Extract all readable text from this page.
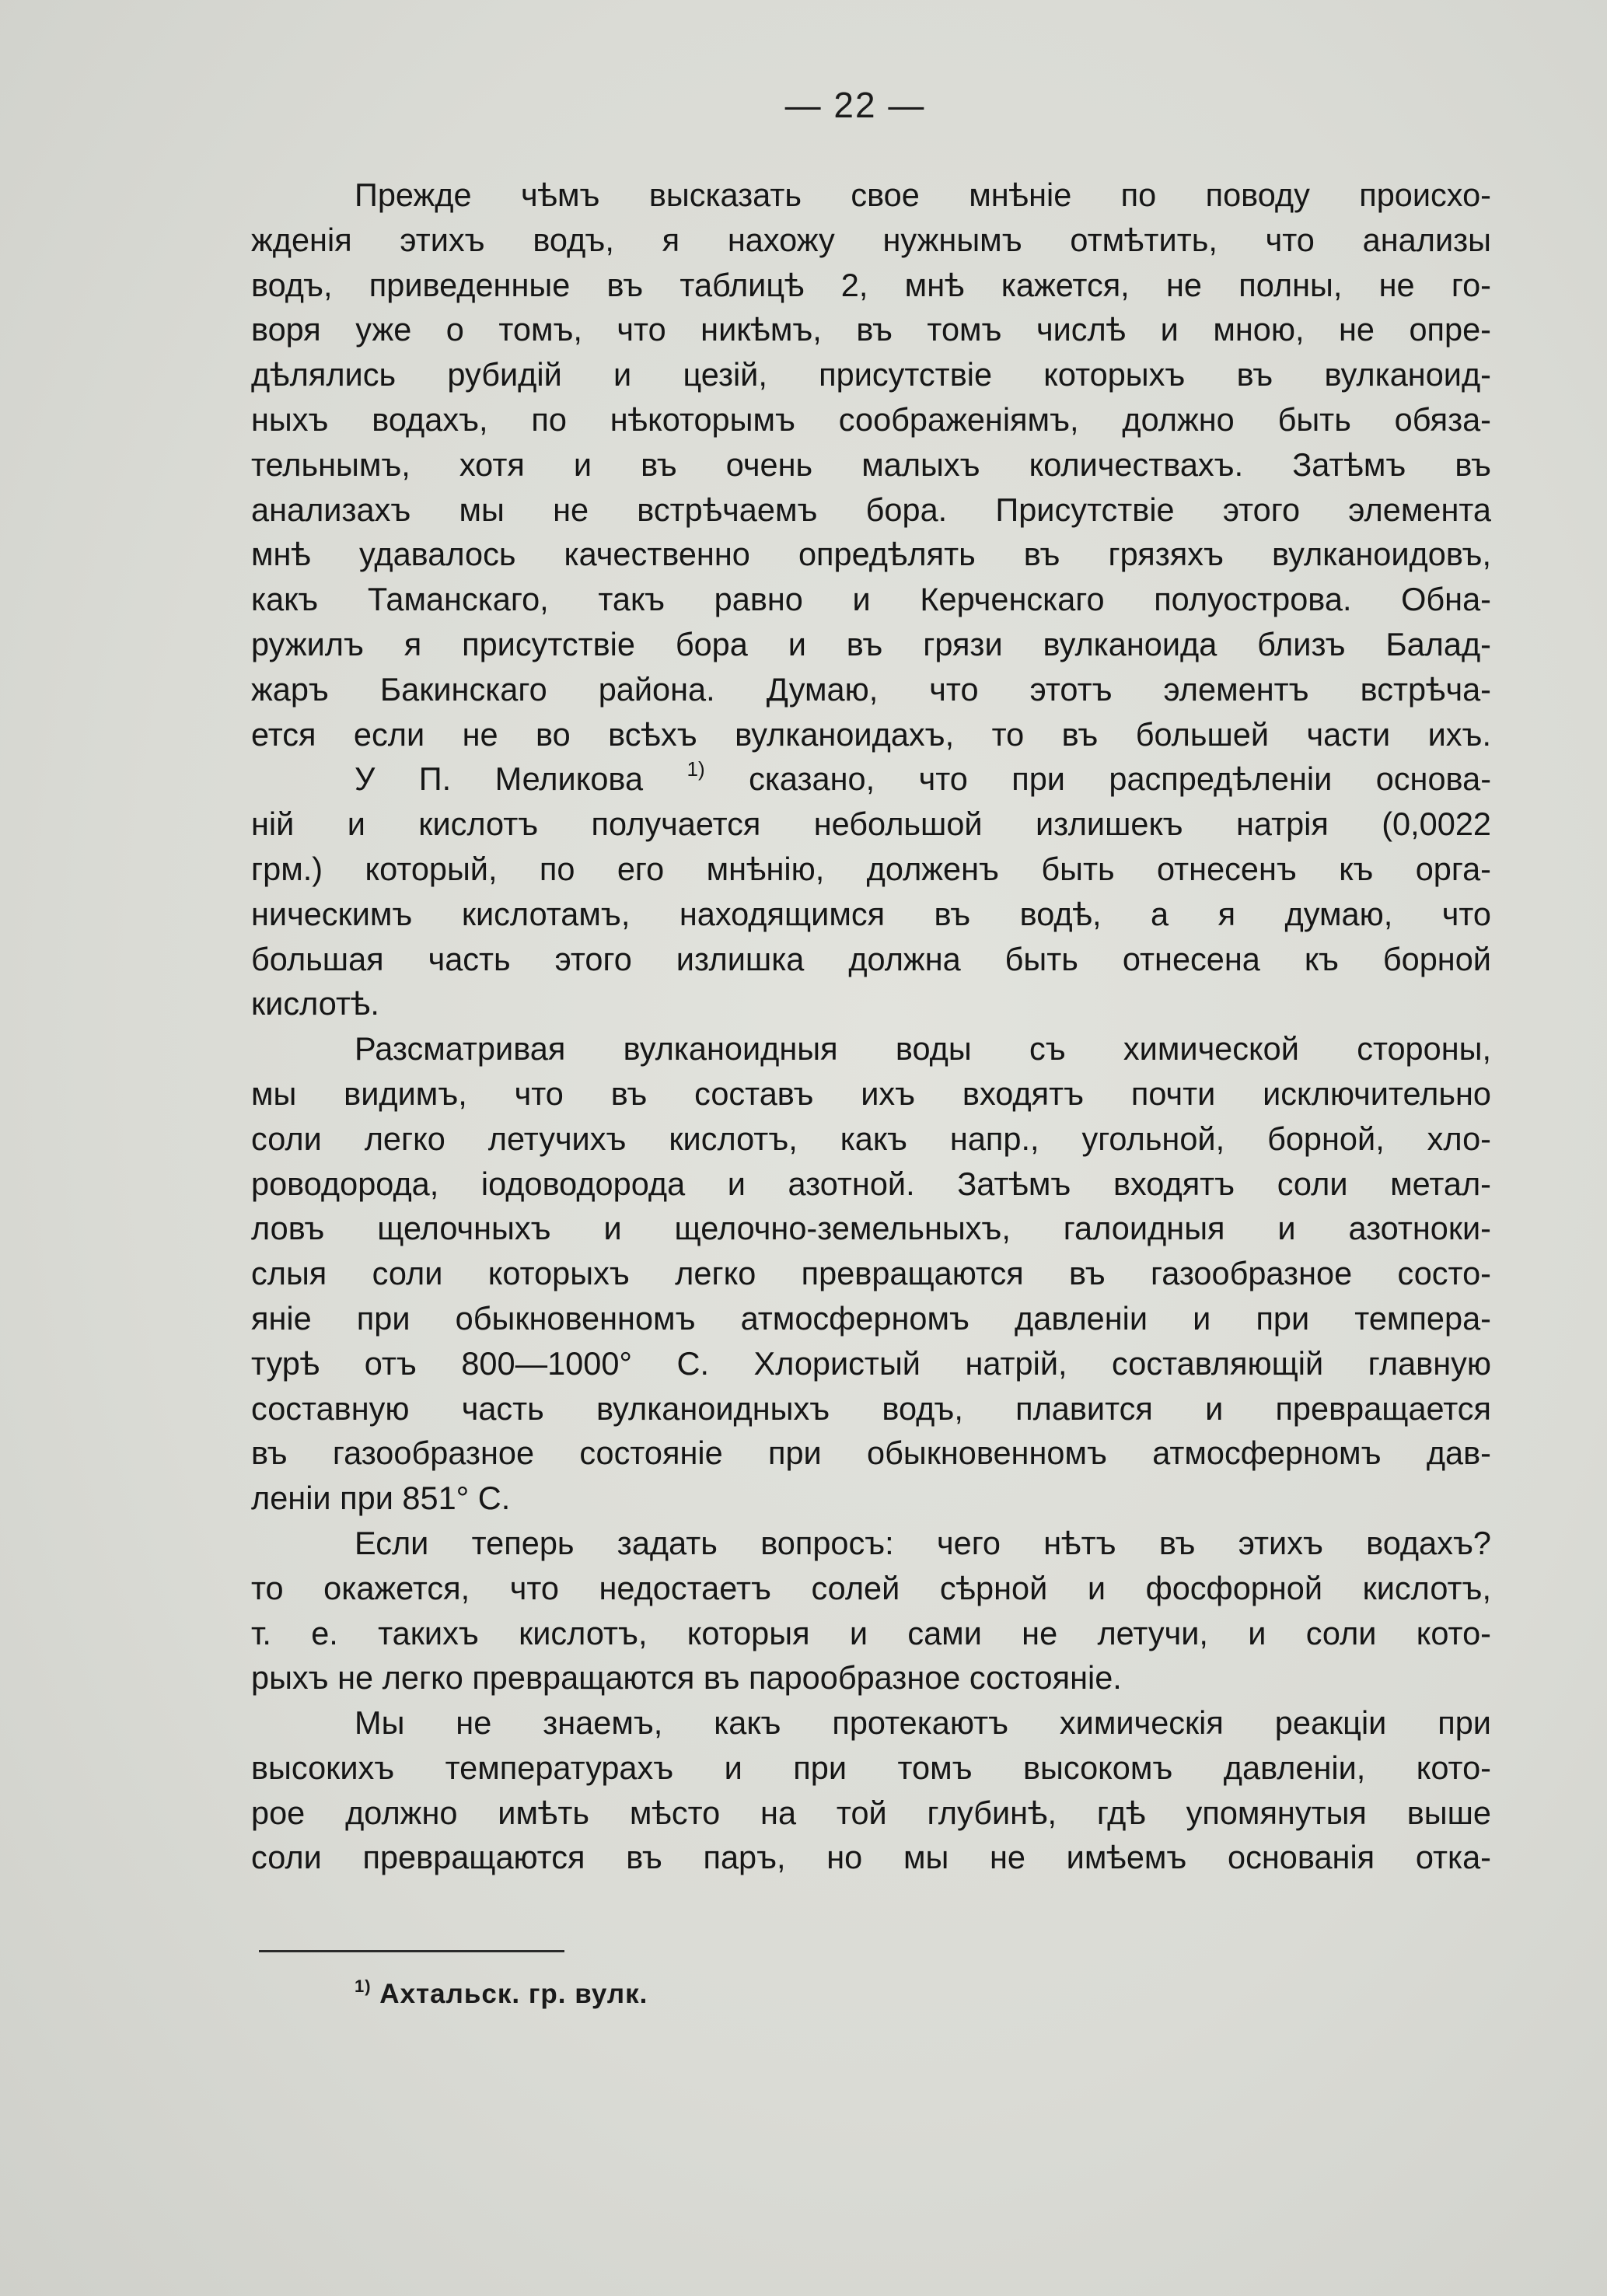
— 22 —
Прежде чѣмъ высказать свое мнѣніе по поводу происхо-
жденія этихъ водъ, я нахожу нужнымъ отмѣтить, что анализы
водъ, приведенные въ таблицѣ 2, мнѣ кажется, не полны, не го-
воря уже о томъ, что никѣмъ, въ томъ числѣ и мною, не опре-
дѣлялись рубидій и цезій, присутствіе которыхъ въ вулканоид-
ныхъ водахъ, по нѣкоторымъ соображеніямъ, должно быть обяза-
тельнымъ, хотя и въ очень малыхъ количествахъ. Затѣмъ въ
анализахъ мы не встрѣчаемъ бора. Присутствіе этого элемента
мнѣ удавалось качественно опредѣлять въ грязяхъ вулканоидовъ,
какъ Таманскаго, такъ равно и Керченскаго полуострова. Обна-
ружилъ я присутствіе бора и въ грязи вулканоида близъ Балад-
жаръ Бакинскаго района. Думаю, что этотъ элементъ встрѣча-
ется если не во всѣхъ вулканоидахъ, то въ большей части ихъ.
У П. Меликова $^{1)}$ сказано, что при распредѣленіи основа-
ній и кислотъ получается небольшой излишекъ натрія (0,0022
грм.) который, по его мнѣнію, долженъ быть отнесенъ къ орга-
ническимъ кислотамъ, находящимся въ водѣ, а я думаю, что
большая часть этого излишка должна быть отнесена къ борной
кислотѣ.
Разсматривая вулканоидныя воды съ химической стороны,
мы видимъ, что въ составъ ихъ входятъ почти исключительно
соли легко летучихъ кислотъ, какъ напр., угольной, борной, хло-
роводорода, іодоводорода и азотной. Затѣмъ входятъ соли метал-
ловъ щелочныхъ и щелочно-земельныхъ, галоидныя и азотноки-
слыя соли которыхъ легко превращаются въ газообразное состо-
яніе при обыкновенномъ атмосферномъ давленіи и при темпера-
турѣ отъ 800—1000° С. Хлористый натрій, составляющій главную
составную часть вулканоидныхъ водъ, плавится и превращается
въ газообразное состояніе при обыкновенномъ атмосферномъ дав-
леніи при 851° С.
Если теперь задать вопросъ: чего нѣтъ въ этихъ водахъ?
то окажется, что недостаетъ солей сѣрной и фосфорной кислотъ,
т. е. такихъ кислотъ, которыя и сами не летучи, и соли кото-
рыхъ не легко превращаются въ парообразное состояніе.
Мы не знаемъ, какъ протекаютъ химическія реакціи при
высокихъ температурахъ и при томъ высокомъ давленіи, кото-
рое должно имѣть мѣсто на той глубинѣ, гдѣ упомянутыя выше
соли превращаются въ паръ, но мы не имѣемъ основанія отка-
$^{1)}$ Ахтальск. гр. вулк.
